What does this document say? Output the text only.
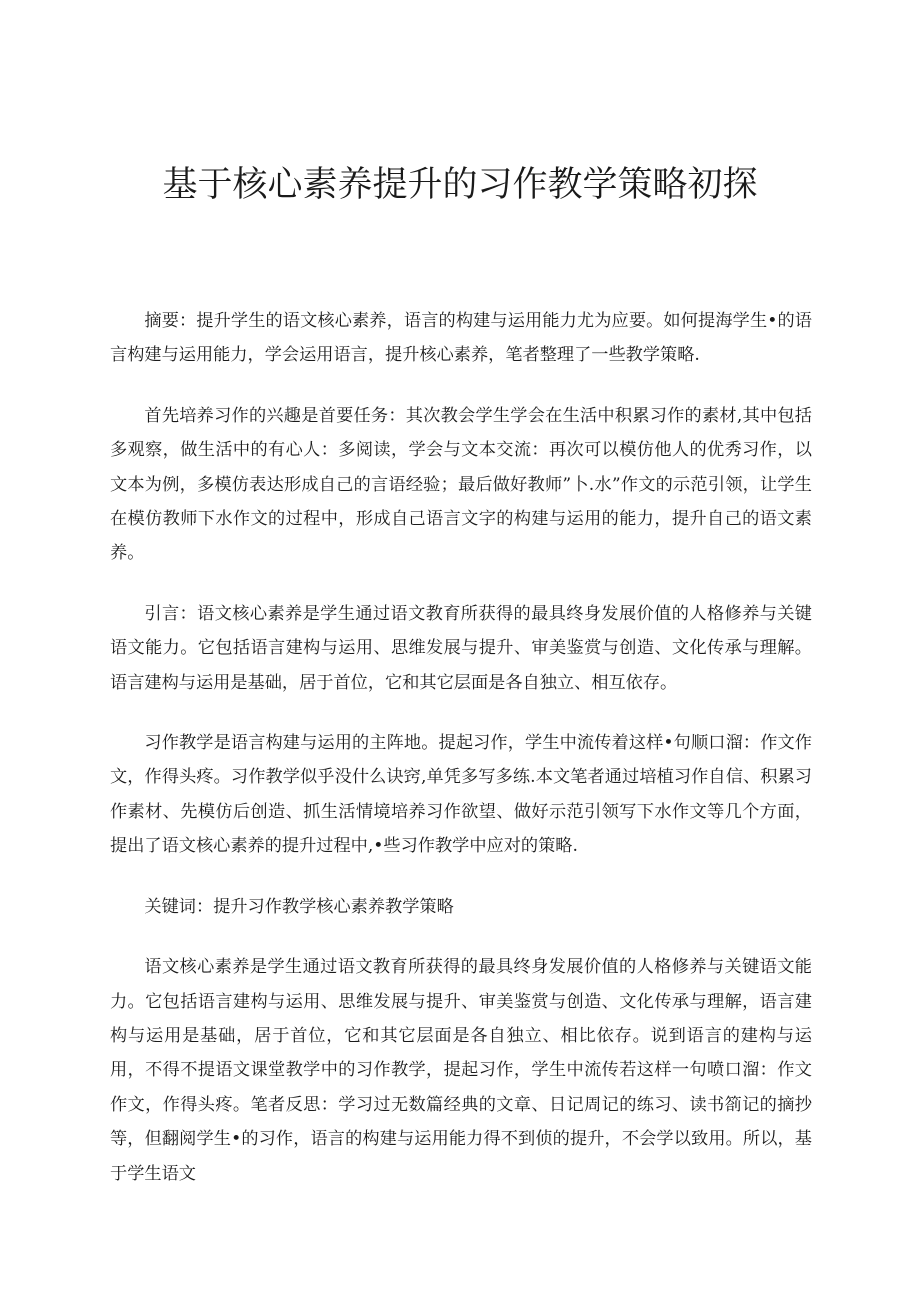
基于核心素养提升的习作教学策略初探

摘要：提升学生的语文核心素养，语言的构建与运用能力尤为应要。如何提海学生•的语言构建与运用能力，学会运用语言，提升核心素养，笔者整理了一些教学策略.

首先培养习作的兴趣是首要任务：其次教会学生学会在生活中积累习作的素材,其中包括多观察，做生活中的有心人：多阅读，学会与文本交流：再次可以模仿他人的优秀习作，以文本为例，多模仿表达形成自己的言语经验；最后做好教师”卜.水”作文的示范引领，让学生在模仿教师下水作文的过程中，形成自己语言文字的构建与运用的能力，提升自己的语文素养。

引言：语文核心素养是学生通过语文教育所获得的最具终身发展价值的人格修养与关键语文能力。它包括语言建构与运用、思维发展与提升、审美鉴赏与创造、文化传承与理解。语言建构与运用是基础，居于首位，它和其它层面是各自独立、相互依存。

习作教学是语言构建与运用的主阵地。提起习作，学生中流传着这样•句顺口溜：作文作文，作得头疼。习作教学似乎没什么诀窍,单凭多写多练.本文笔者通过培植习作自信、积累习作素材、先模仿后创造、抓生活情境培养习作欲望、做好示范引领写下水作文等几个方面，提出了语文核心素养的提升过程中,•些习作教学中应对的策略.

关键词：提升习作教学核心素养教学策略

语文核心素养是学生通过语文教育所获得的最具终身发展价值的人格修养与关键语文能力。它包括语言建构与运用、思维发展与提升、审美鉴赏与创造、文化传承与理解，语言建构与运用是基础，居于首位，它和其它层面是各自独立、相比依存。说到语言的建构与运用，不得不提语文课堂教学中的习作教学，提起习作，学生中流传若这样一句喷口溜：作文作文，作得头疼。笔者反思：学习过无数篇经典的文章、日记周记的练习、读书箚记的摘抄等，但翻阅学生•的习作，语言的构建与运用能力得不到侦的提升，不会学以致用。所以，基于学生语文
